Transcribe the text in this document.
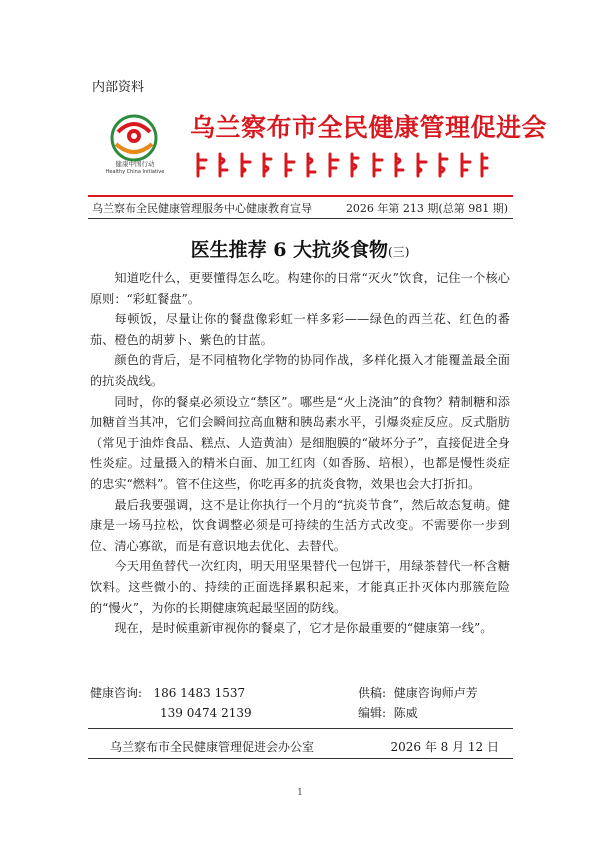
内部资料
健康中国行动
Healthy China Initiative
乌兰察布市全民健康管理促进会
乌兰察布全民健康管理服务中心健康教育宣导	2026 年第 213 期(总第 981 期)
医生推荐 6 大抗炎食物(三)

知道吃什么，更要懂得怎么吃。构建你的日常“灭火”饮食，记住一个核心原则：“彩虹餐盘”。

每顿饭，尽量让你的餐盘像彩虹一样多彩——绿色的西兰花、红色的番茄、橙色的胡萝卜、紫色的甘蓝。

颜色的背后，是不同植物化学物的协同作战，多样化摄入才能覆盖最全面的抗炎战线。

同时，你的餐桌必须设立“禁区”。哪些是“火上浇油”的食物？精制糖和添加糖首当其冲，它们会瞬间拉高血糖和胰岛素水平，引爆炎症反应。反式脂肪（常见于油炸食品、糕点、人造黄油）是细胞膜的“破坏分子”，直接促进全身性炎症。过量摄入的精米白面、加工红肉（如香肠、培根），也都是慢性炎症的忠实“燃料”。管不住这些，你吃再多的抗炎食物，效果也会大打折扣。

最后我要强调，这不是让你执行一个月的“抗炎节食”，然后故态复萌。健康是一场马拉松，饮食调整必须是可持续的生活方式改变。不需要你一步到位、清心寡欲，而是有意识地去优化、去替代。

今天用鱼替代一次红肉，明天用坚果替代一包饼干，用绿茶替代一杯含糖饮料。这些微小的、持续的正面选择累积起来，才能真正扑灭体内那簇危险的“慢火”，为你的长期健康筑起最坚固的防线。

现在，是时候重新审视你的餐桌了，它才是你最重要的“健康第一线”。

健康咨询: 186 1483 1537
139 0474 2139
供稿: 健康咨询师卢芳
编辑: 陈威
乌兰察布市全民健康管理促进会办公室	2026 年 8 月 12 日
1
